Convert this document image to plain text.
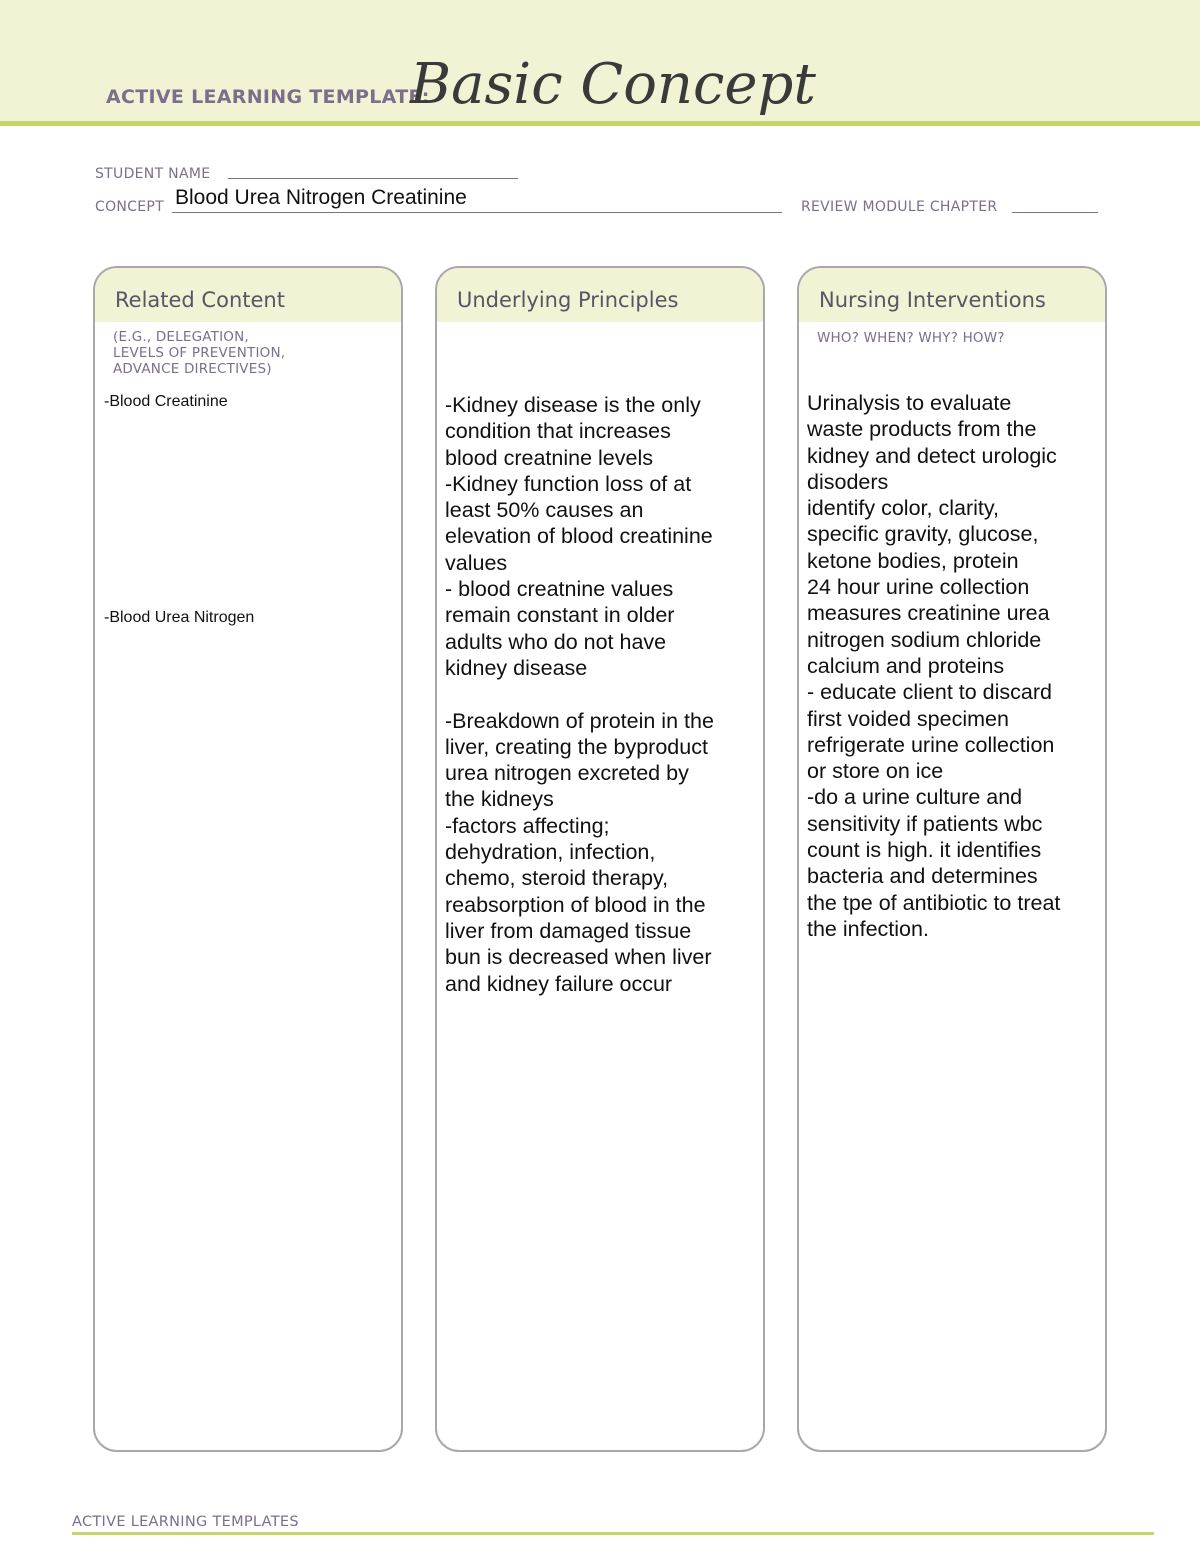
ACTIVE LEARNING TEMPLATE:
Basic Concept
STUDENT NAME
CONCEPT Blood Urea Nitrogen Creatinine	REVIEW MODULE CHAPTER
Related Content
(E.G., DELEGATION,
LEVELS OF PREVENTION,
ADVANCE DIRECTIVES)
-Blood Creatinine
-Blood Urea Nitrogen
Underlying Principles
-Kidney disease is the only
condition that increases
blood creatnine levels
-Kidney function loss of at
least 50% causes an
elevation of blood creatinine
values
- blood creatnine values
remain constant in older
adults who do not have
kidney disease

-Breakdown of protein in the
liver, creating the byproduct
urea nitrogen excreted by
the kidneys
-factors affecting;
dehydration, infection,
chemo, steroid therapy,
reabsorption of blood in the
liver from damaged tissue
bun is decreased when liver
and kidney failure occur
Nursing Interventions
WHO? WHEN? WHY? HOW?
Urinalysis to evaluate
waste products from the
kidney and detect urologic
disoders
identify color, clarity,
specific gravity, glucose,
ketone bodies, protein
24 hour urine collection
measures creatinine urea
nitrogen sodium chloride
calcium and proteins
- educate client to discard
first voided specimen
refrigerate urine collection
or store on ice
-do a urine culture and
sensitivity if patients wbc
count is high. it identifies
bacteria and determines
the tpe of antibiotic to treat
the infection.
ACTIVE LEARNING TEMPLATES
